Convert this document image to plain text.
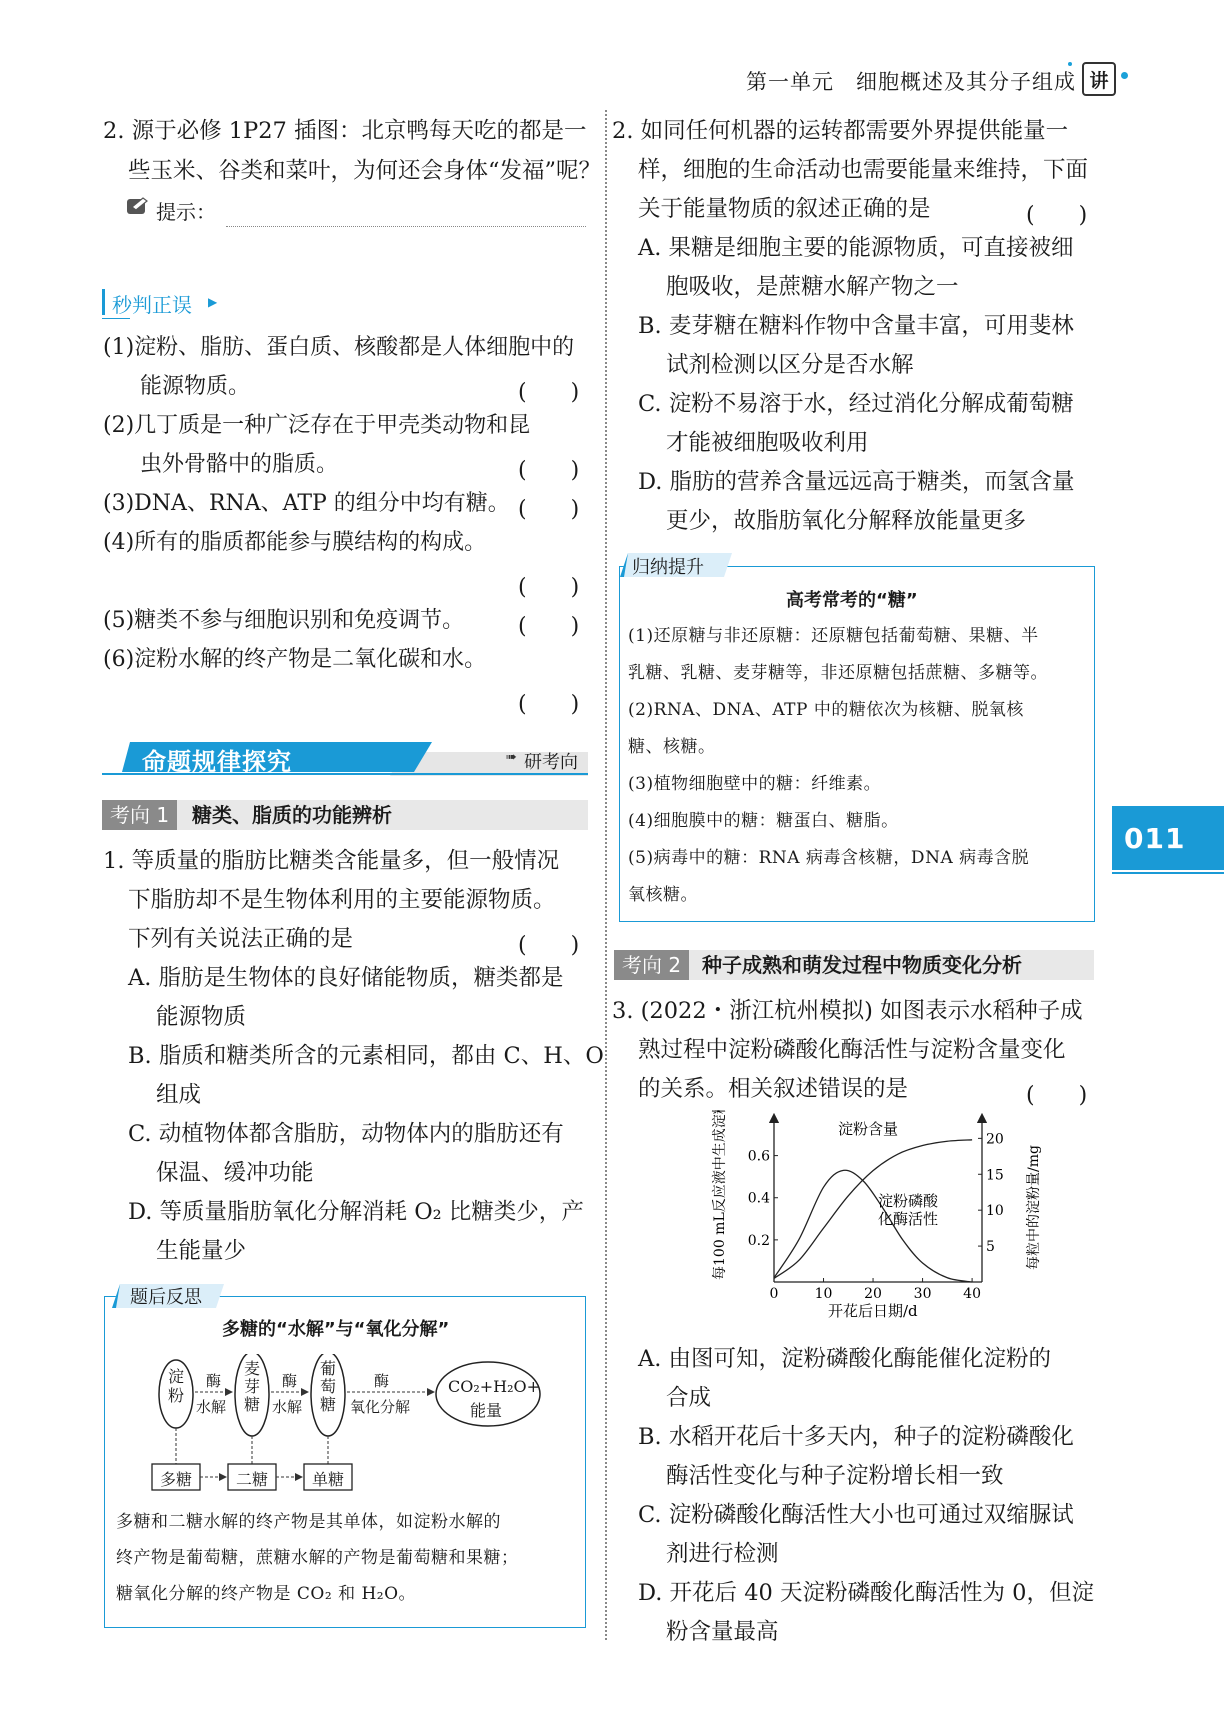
第一单元　细胞概述及其分子组成 讲
011
2. 源于必修 1P27 插图：北京鸭每天吃的都是一
些玉米、谷类和菜叶，为何还会身体“发福”呢？
提示：
秒判正误 ▶
(1)淀粉、脂肪、蛋白质、核酸都是人体细胞中的
能源物质。	(　　)
(2)几丁质是一种广泛存在于甲壳类动物和昆
虫外骨骼中的脂质。	(　　)
(3)DNA、RNA、ATP 的组分中均有糖。 (　　)
(4)所有的脂质都能参与膜结构的构成。
(　　)
(5)糖类不参与细胞识别和免疫调节。 (　　)
(6)淀粉水解的终产物是二氧化碳和水。
(　　)
命题规律探究	➠ 研考向
考向 1	糖类、脂质的功能辨析
1. 等质量的脂肪比糖类含能量多，但一般情况
下脂肪却不是生物体利用的主要能源物质。
下列有关说法正确的是	(　　)
A. 脂肪是生物体的良好储能物质，糖类都是
能源物质
B. 脂质和糖类所含的元素相同，都由 C、H、O
组成
C. 动植物体都含脂肪，动物体内的脂肪还有
保温、缓冲功能
D. 等质量脂肪氧化分解消耗 O₂ 比糖类少，产
生能量少
题后反思
多糖的“水解”与“氧化分解”
淀粉
麦芽糖
葡萄糖
CO₂+H₂O+
能量
酶
水解
酶
水解
酶
氧化分解
多糖	二糖	单糖
多糖和二糖水解的终产物是其单体，如淀粉水解的
终产物是葡萄糖，蔗糖水解的产物是葡萄糖和果糖；
糖氧化分解的终产物是 CO₂ 和 H₂O。
2. 如同任何机器的运转都需要外界提供能量一
样，细胞的生命活动也需要能量来维持，下面
关于能量物质的叙述正确的是	(　　)
A. 果糖是细胞主要的能源物质，可直接被细
胞吸收，是蔗糖水解产物之一
B. 麦芽糖在糖料作物中含量丰富，可用斐林
试剂检测以区分是否水解
C. 淀粉不易溶于水，经过消化分解成葡萄糖
才能被细胞吸收利用
D. 脂肪的营养含量远远高于糖类，而氢含量
更少，故脂肪氧化分解释放能量更多
归纳提升
高考常考的“糖”
(1)还原糖与非还原糖：还原糖包括葡萄糖、果糖、半
乳糖、乳糖、麦芽糖等，非还原糖包括蔗糖、多糖等。
(2)RNA、DNA、ATP 中的糖依次为核糖、脱氧核
糖、核糖。
(3)植物细胞壁中的糖：纤维素。
(4)细胞膜中的糖：糖蛋白、糖脂。
(5)病毒中的糖：RNA 病毒含核糖，DNA 病毒含脱
氧核糖。
考向 2	种子成熟和萌发过程中物质变化分析
3. (2022・浙江杭州模拟) 如图表示水稻种子成
熟过程中淀粉磷酸化酶活性与淀粉含量变化
的关系。相关叙述错误的是	(　　)
0	10 20 30 40
0.2
0.4
0.6
5
10
15
20
淀粉含量
淀粉磷酸
化酶活性
开花后日期/d
每100 mL反应液中生成淀粉量/mg	每粒中的淀粉量/mg
A. 由图可知，淀粉磷酸化酶能催化淀粉的
合成
B. 水稻开花后十多天内，种子的淀粉磷酸化
酶活性变化与种子淀粉增长相一致
C. 淀粉磷酸化酶活性大小也可通过双缩脲试
剂进行检测
D. 开花后 40 天淀粉磷酸化酶活性为 0，但淀
粉含量最高
